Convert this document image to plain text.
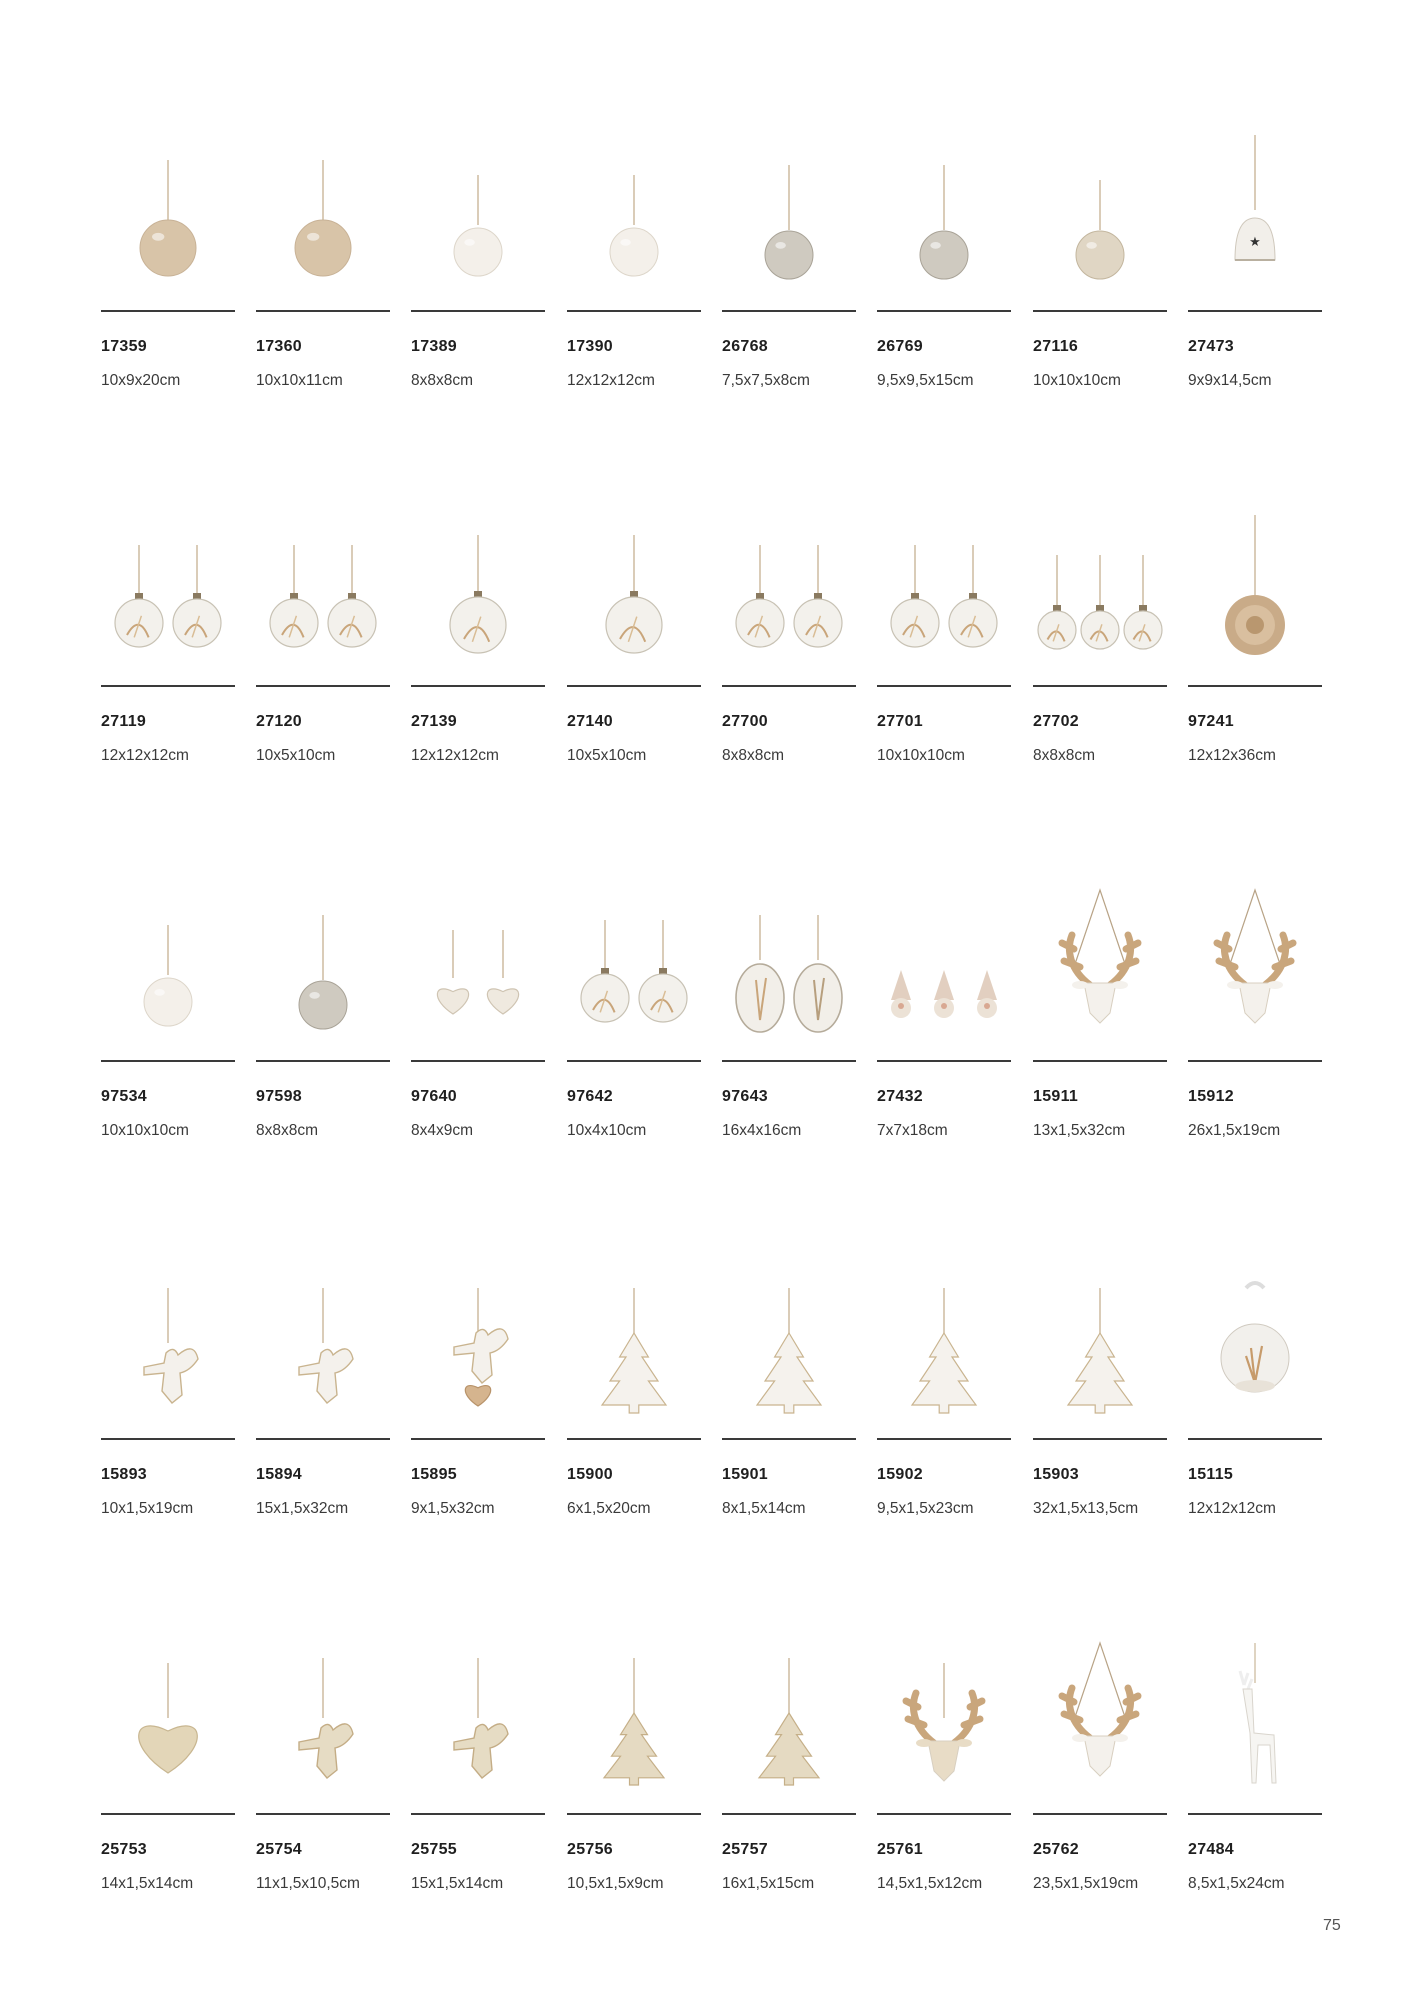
17359
10x9x20cm
17360
10x10x11cm
17389
8x8x8cm
17390
12x12x12cm
26768
7,5x7,5x8cm
26769
9,5x9,5x15cm
27116
10x10x10cm
★
27473
9x9x14,5cm
27119
12x12x12cm
27120
10x5x10cm
27139
12x12x12cm
27140
10x5x10cm
27700
8x8x8cm
27701
10x10x10cm
27702
8x8x8cm
97241
12x12x36cm
97534
10x10x10cm
97598
8x8x8cm
97640
8x4x9cm
97642
10x4x10cm
97643
16x4x16cm
27432
7x7x18cm
15911
13x1,5x32cm
15912
26x1,5x19cm
15893
10x1,5x19cm
15894
15x1,5x32cm
15895
9x1,5x32cm
15900
6x1,5x20cm
15901
8x1,5x14cm
15902
9,5x1,5x23cm
15903
32x1,5x13,5cm
15115
12x12x12cm
25753
14x1,5x14cm
25754
11x1,5x10,5cm
25755
15x1,5x14cm
25756
10,5x1,5x9cm
25757
16x1,5x15cm
25761
14,5x1,5x12cm
25762
23,5x1,5x19cm
27484
8,5x1,5x24cm
75
